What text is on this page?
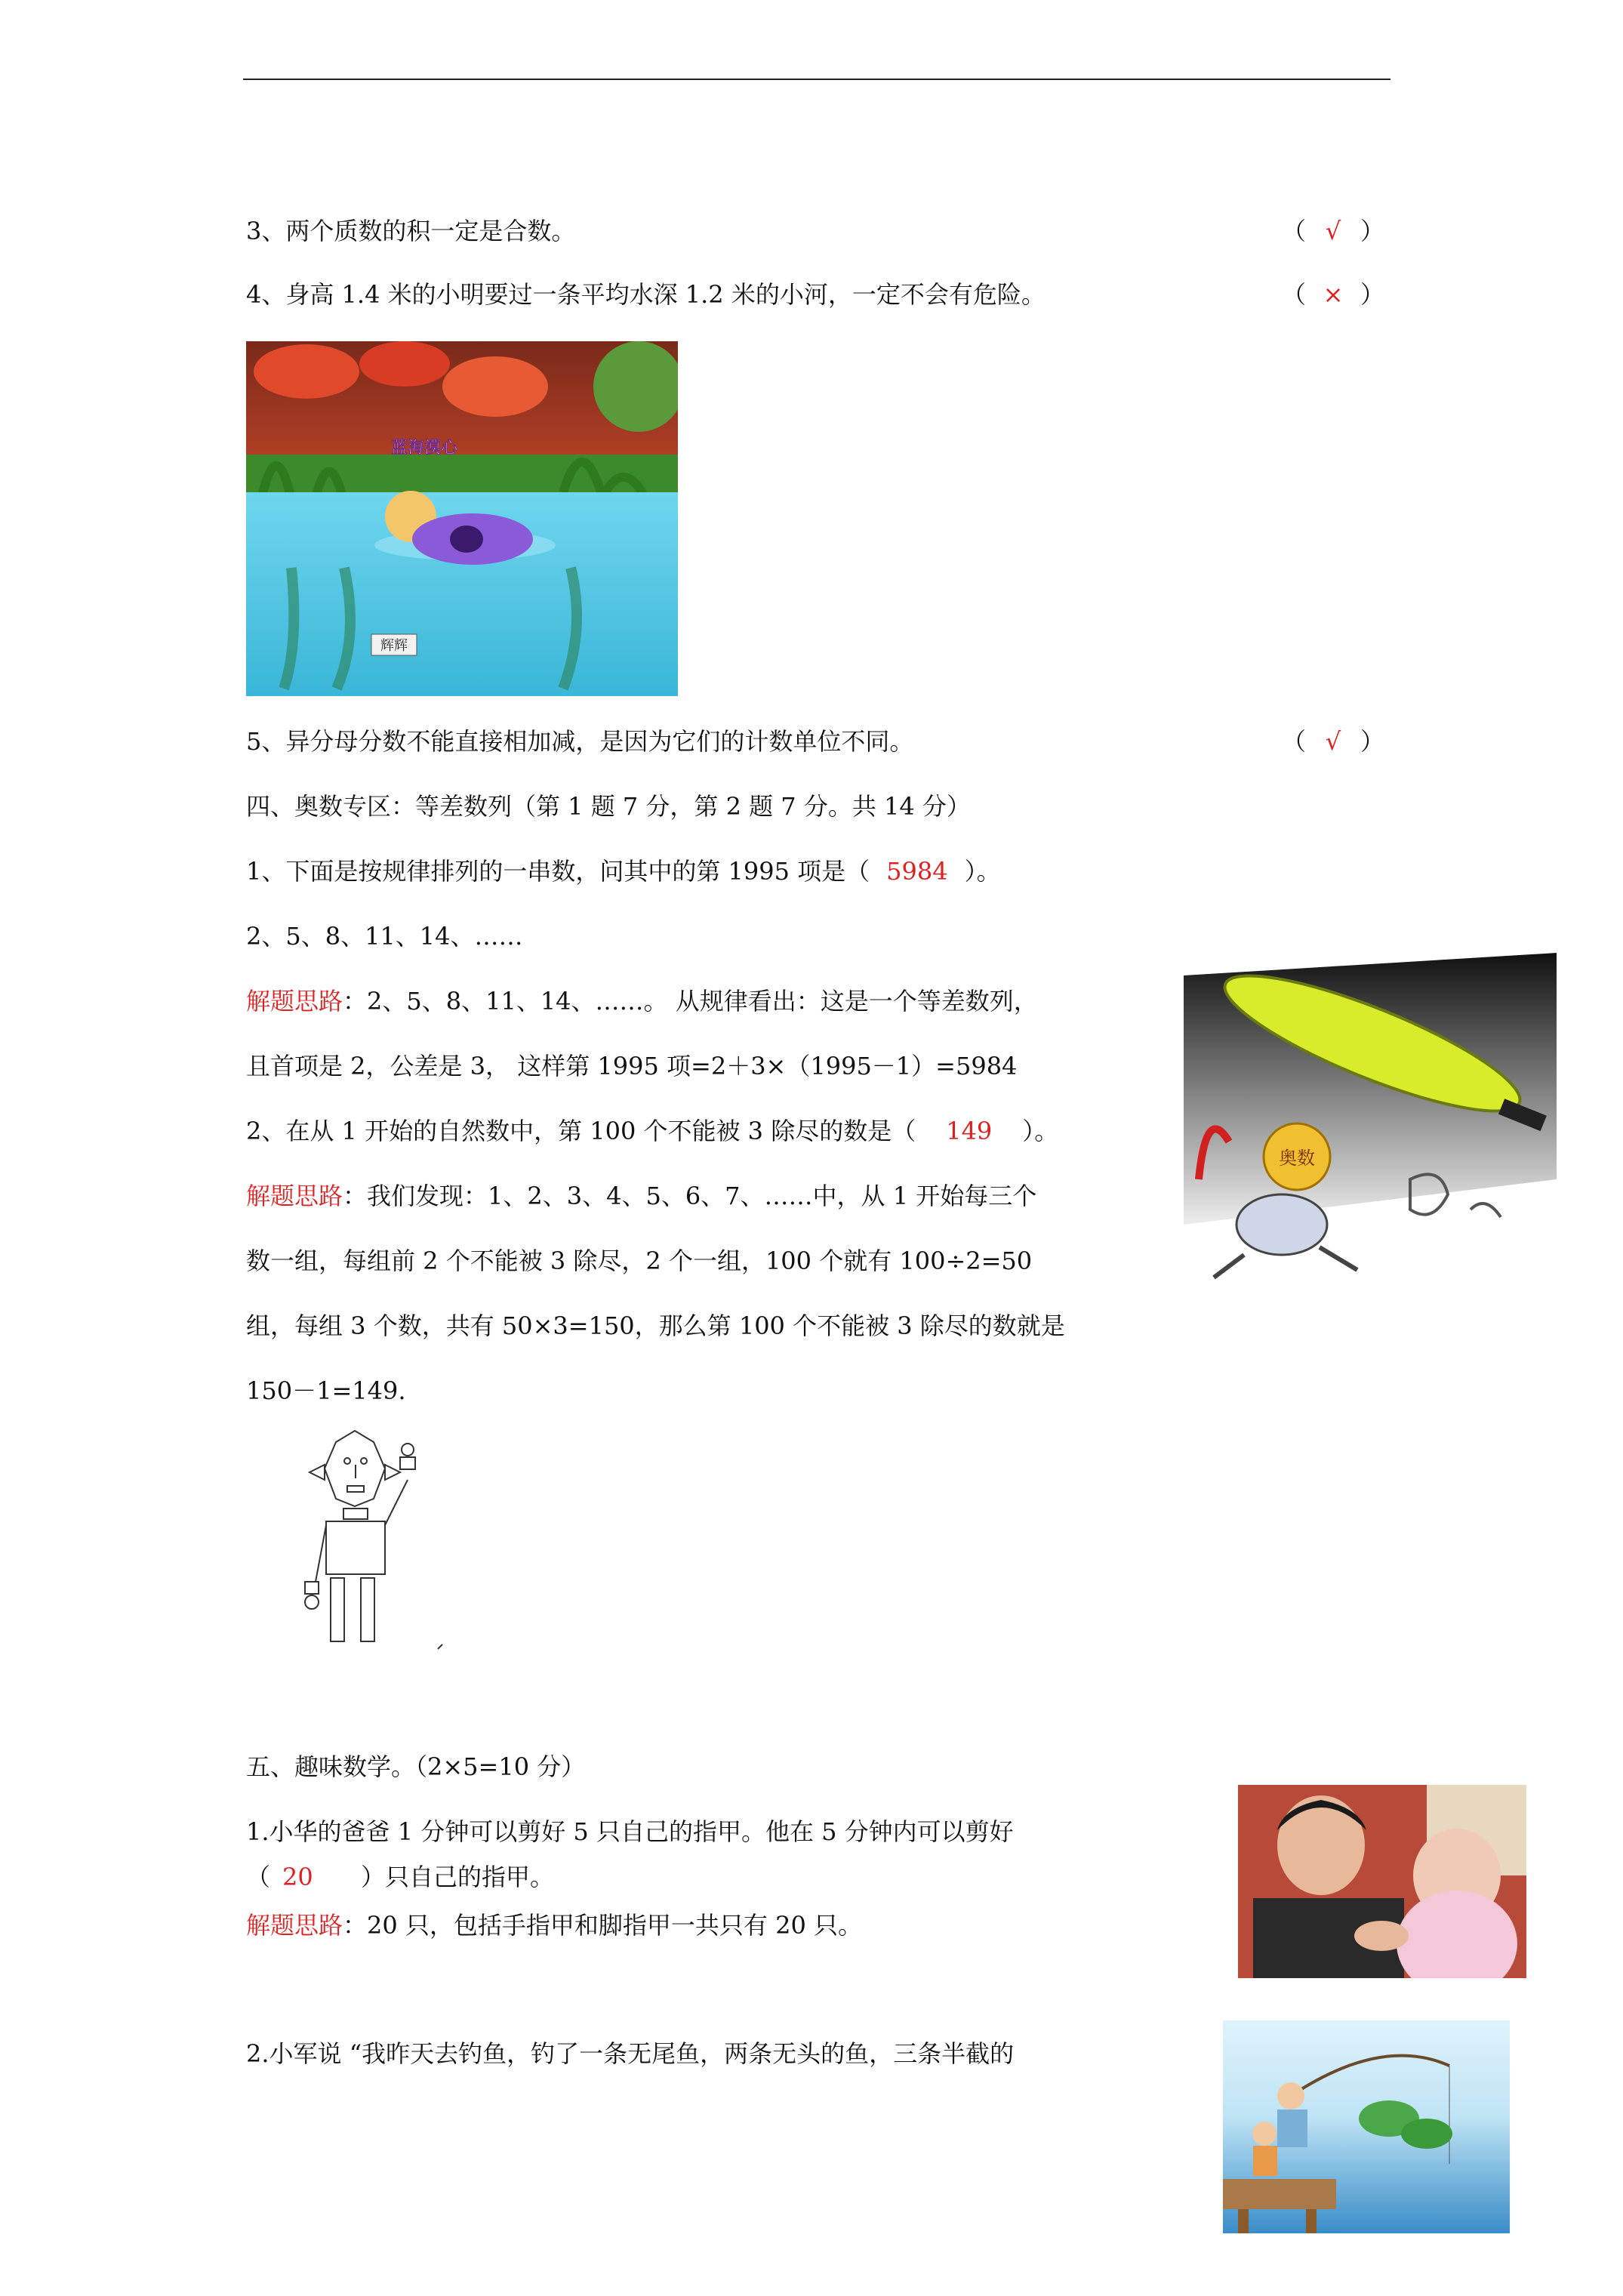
3、两个质数的积一定是合数。	（ √ ）
4、身高 1.4 米的小明要过一条平均水深 1.2 米的小河，一定不会有危险。	（ × ）
蓝海漠心
辉辉
5、异分母分数不能直接相加减，是因为它们的计数单位不同。	（ √ ）
四、奥数专区：等差数列（第 1 题 7 分，第 2 题 7 分。共 14 分）
1、下面是按规律排列的一串数，问其中的第 1995 项是（ 5984 ）。
2、5、8、11、14、……
解题思路：2、5、8、11、14、……。 从规律看出：这是一个等差数列，
且首项是 2，公差是 3， 这样第 1995 项=2＋3×（1995－1）=5984
2、在从 1 开始的自然数中，第 100 个不能被 3 除尽的数是（ 149 ）。
解题思路：我们发现：1、2、3、4、5、6、7、……中，从 1 开始每三个
数一组，每组前 2 个不能被 3 除尽，2 个一组，100 个就有 100÷2=50
组，每组 3 个数，共有 50×3=150，那么第 100 个不能被 3 除尽的数就是
150－1=149.
奥数
五、趣味数学。（2×5=10 分）
1.小华的爸爸 1 分钟可以剪好 5 只自己的指甲。他在 5 分钟内可以剪好
（ 20 ）只自己的指甲。
解题思路：20 只，包括手指甲和脚指甲一共只有 20 只。
2.小军说 “我昨天去钓鱼，钓了一条无尾鱼，两条无头的鱼，三条半截的
